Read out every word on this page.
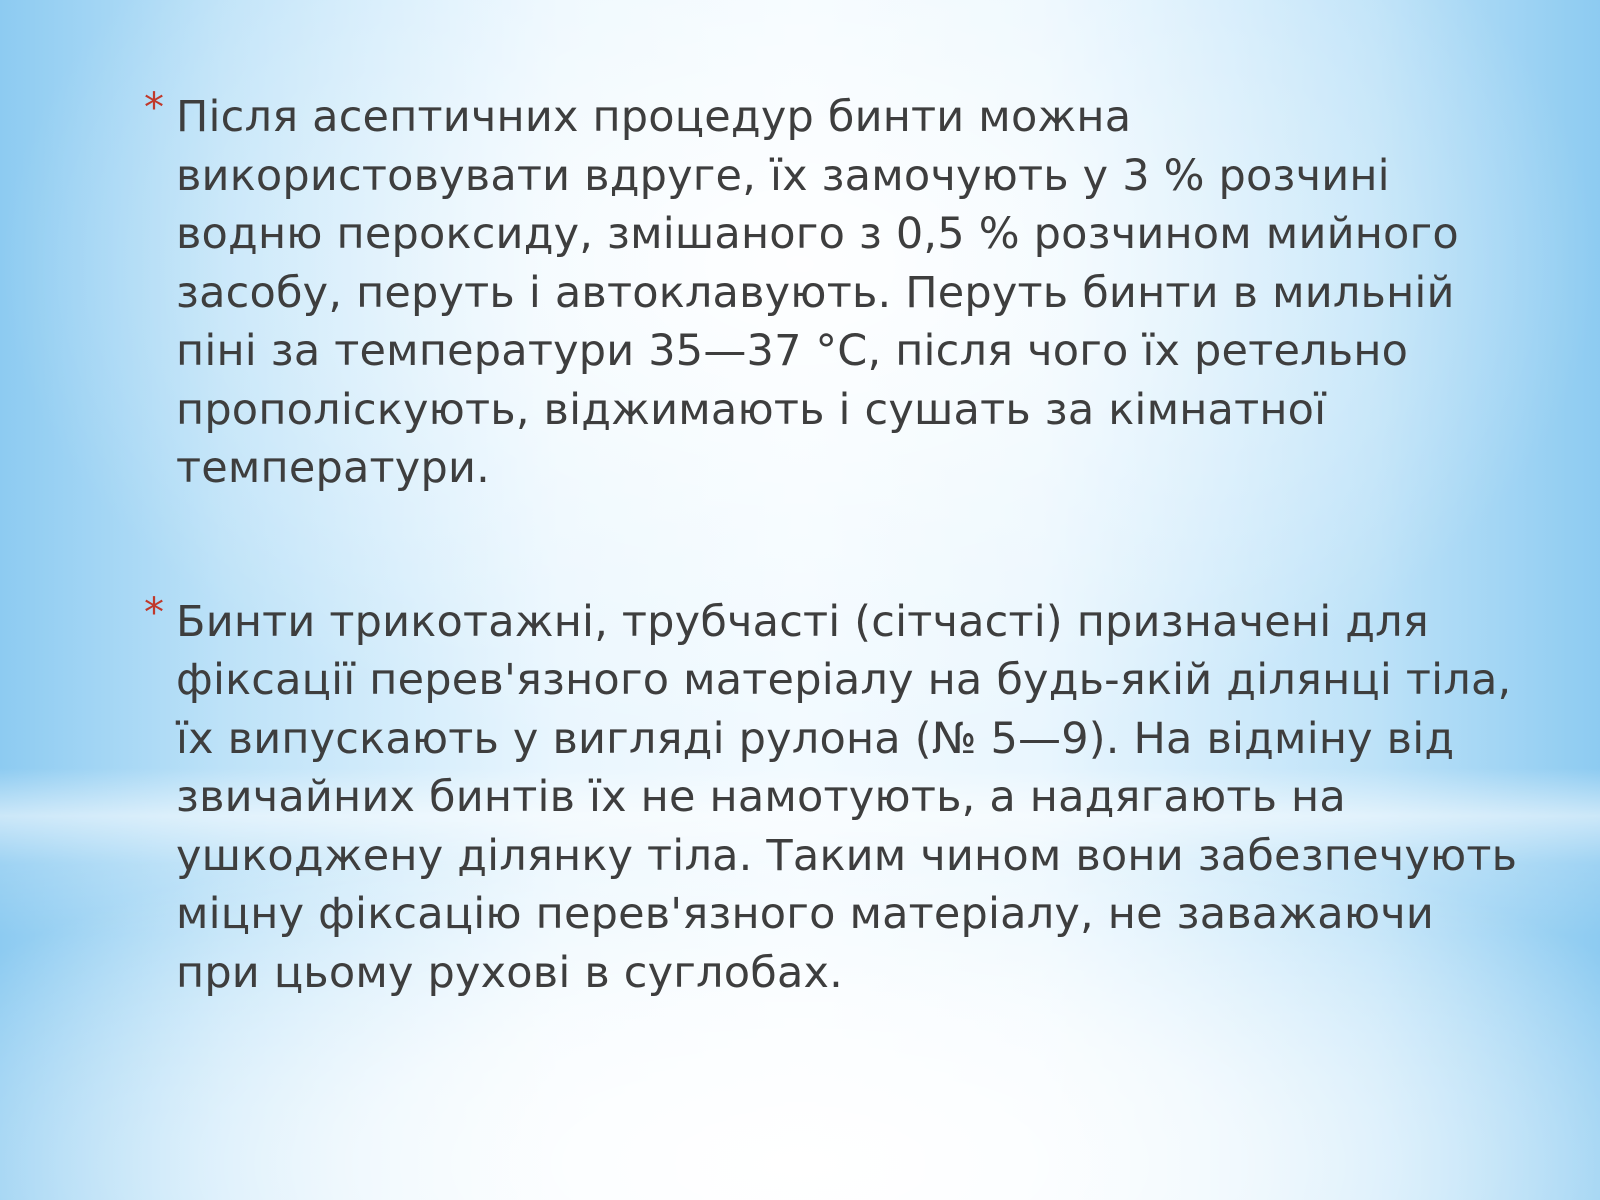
* Після асептичних процедур бинти можна
використовувати вдруге, їх замочують у 3 % розчині
водню пероксиду, змішаного з 0,5 % розчином мийного
засобу, перуть і автоклавують. Перуть бинти в мильній
піні за температури 35—37 °С, після чого їх ретельно
прополіскують, віджимають і сушать за кімнатної
температури.
* Бинти трикотажні, трубчасті (сітчасті) призначені для
фіксації перев'язного матеріалу на будь-якій ділянці тіла,
їх випускають у вигляді рулона (№ 5—9). На відміну від
звичайних бинтів їх не намотують, а надягають на
ушкоджену ділянку тіла. Таким чином вони забезпечують
міцну фіксацію перев'язного матеріалу, не заважаючи
при цьому рухові в суглобах.
